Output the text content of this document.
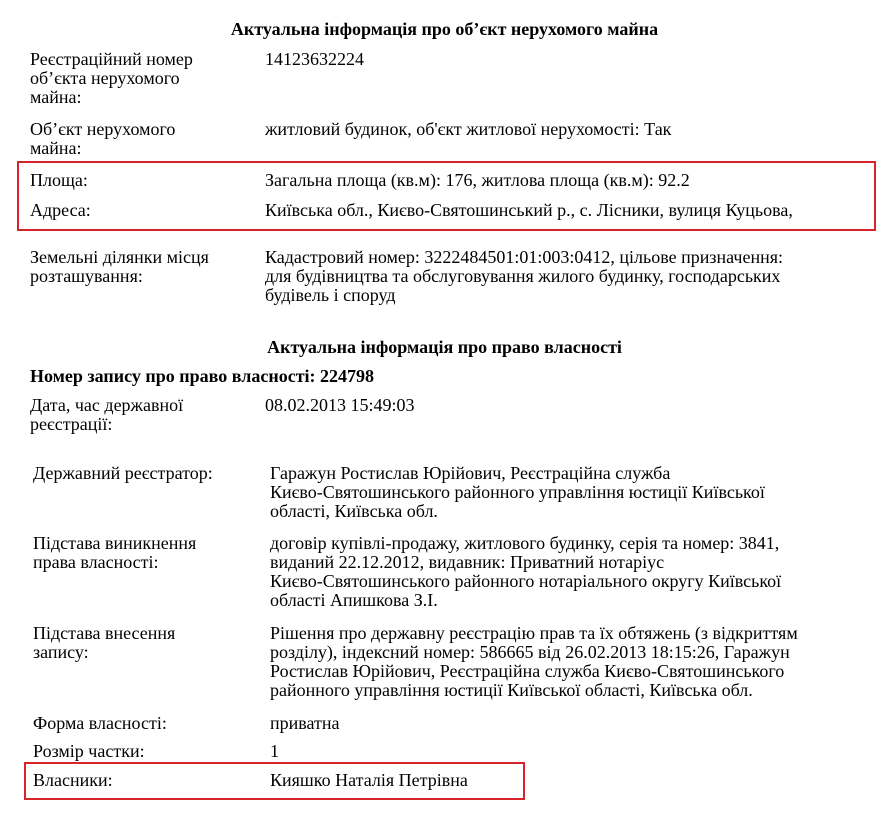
Актуальна інформація про об’єкт нерухомого майна
Реєстраційний номер
об’єкта нерухомого
майна:
14123632224
Об’єкт нерухомого
майна:
житловий будинок, об'єкт житлової нерухомості: Так
Площа:	Загальна площа (кв.м): 176, житлова площа (кв.м): 92.2
Адреса:	Київська обл., Києво-Святошинський р., с. Лісники, вулиця Куцьова,
Земельні ділянки місця
розташування:
Кадастровий номер: 3222484501:01:003:0412, цільове призначення:
для будівництва та обслуговування жилого будинку, господарських
будівель і споруд
Актуальна інформація про право власності
Номер запису про право власності: 224798
Дата, час державної
реєстрації:
08.02.2013 15:49:03
Державний реєстратор:	Гаражун Ростислав Юрійович, Реєстраційна служба
Києво-Святошинського районного управління юстиції Київської
області, Київська обл.
Підстава виникнення
права власності:
договір купівлі-продажу, житлового будинку, серія та номер: 3841,
виданий 22.12.2012, видавник: Приватний нотаріус
Києво-Святошинського районного нотаріального округу Київської
області Апишкова З.І.
Підстава внесення
запису:
Рішення про державну реєстрацію прав та їх обтяжень (з відкриттям
розділу), індексний номер: 586665 від 26.02.2013 18:15:26, Гаражун
Ростислав Юрійович, Реєстраційна служба Києво-Святошинського
районного управління юстиції Київської області, Київська обл.
Форма власності:	приватна
Розмір частки:	1
Власники:	Кияшко Наталія Петрівна
